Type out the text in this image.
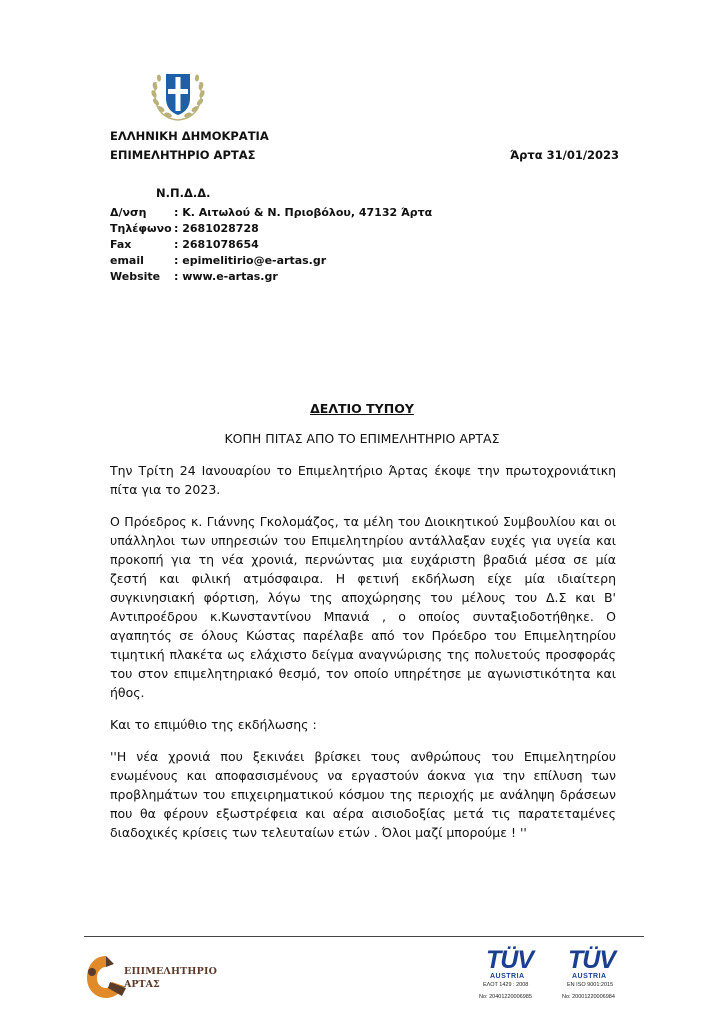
ΕΛΛΗΝΙΚΗ ΔΗΜΟΚΡΑΤΙΑ
ΕΠΙΜΕΛΗΤΗΡΙΟ ΑΡΤΑΣ	Άρτα 31/01/2023
Ν.Π.Δ.Δ.
Δ/νση	: Κ. Αιτωλού & Ν. Πριοβόλου, 47132 Άρτα
Τηλέφωνο : 2681028728
Fax	: 2681078654
email	: epimelitirio@e-artas.gr
Website : www.e-artas.gr
ΔΕΛΤΙΟ ΤΥΠΟΥ
ΚΟΠΗ ΠΙΤΑΣ ΑΠΟ ΤΟ ΕΠΙΜΕΛΗΤΗΡΙΟ ΑΡΤΑΣ

Την Τρίτη 24 Ιανουαρίου το Επιμελητήριο Άρτας έκοψε την πρωτοχρονιάτικη πίτα για το 2023.

Ο Πρόεδρος κ. Γιάννης Γκολομάζος, τα μέλη του Διοικητικού Συμβουλίου και οι υπάλληλοι των υπηρεσιών του Επιμελητηρίου αντάλλαξαν ευχές για υγεία και προκοπή για τη νέα χρονιά, περνώντας μια ευχάριστη βραδιά μέσα σε μία ζεστή και φιλική ατμόσφαιρα. Η φετινή εκδήλωση είχε μία ιδιαίτερη συγκινησιακή φόρτιση, λόγω της αποχώρησης του μέλους του Δ.Σ και Β' Αντιπροέδρου κ.Κωνσταντίνου Μπανιά , ο οποίος συνταξιοδοτήθηκε. Ο αγαπητός σε όλους Κώστας παρέλαβε από τον Πρόεδρο του Επιμελητηρίου τιμητική πλακέτα ως ελάχιστο δείγμα αναγνώρισης της πολυετούς προσφοράς του στον επιμελητηριακό θεσμό, τον οποίο υπηρέτησε με αγωνιστικότητα και ήθος.

Και το επιμύθιο της εκδήλωσης :

''Η νέα χρονιά που ξεκινάει βρίσκει τους ανθρώπους του Επιμελητηρίου ενωμένους και αποφασισμένους να εργαστούν άοκνα για την επίλυση των προβλημάτων του επιχειρηματικού κόσμου της περιοχής με ανάληψη δράσεων που θα φέρουν εξωστρέφεια και αέρα αισιοδοξίας μετά τις παρατεταμένες διαδοχικές κρίσεις των τελευταίων ετών . Όλοι μαζί μπορούμε ! ''

ΕΠΙΜΕΛΗΤΗΡΙΟ
ΑΡΤΑΣ
TÜV
AUSTRIA
ΕΛΟΤ 1429 : 2008
No: 20401220006985
TÜV
AUSTRIA
EN ISO 9001:2015
No: 20001220006984
